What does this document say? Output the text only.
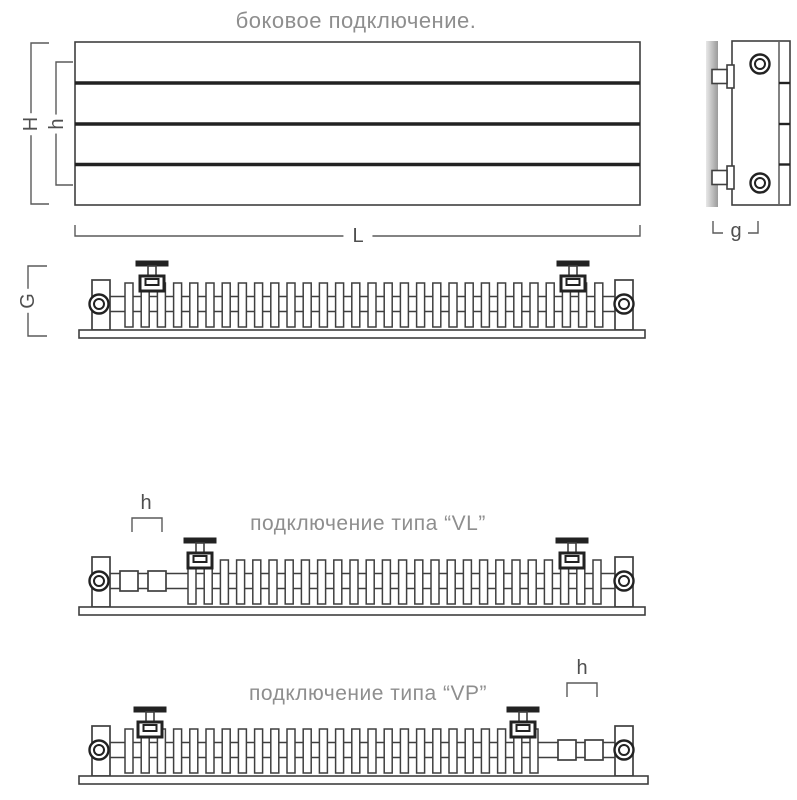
боковое подключение.
H h
L	g
G
h
h
подключение типа “VL”
подключение типа “VP”
